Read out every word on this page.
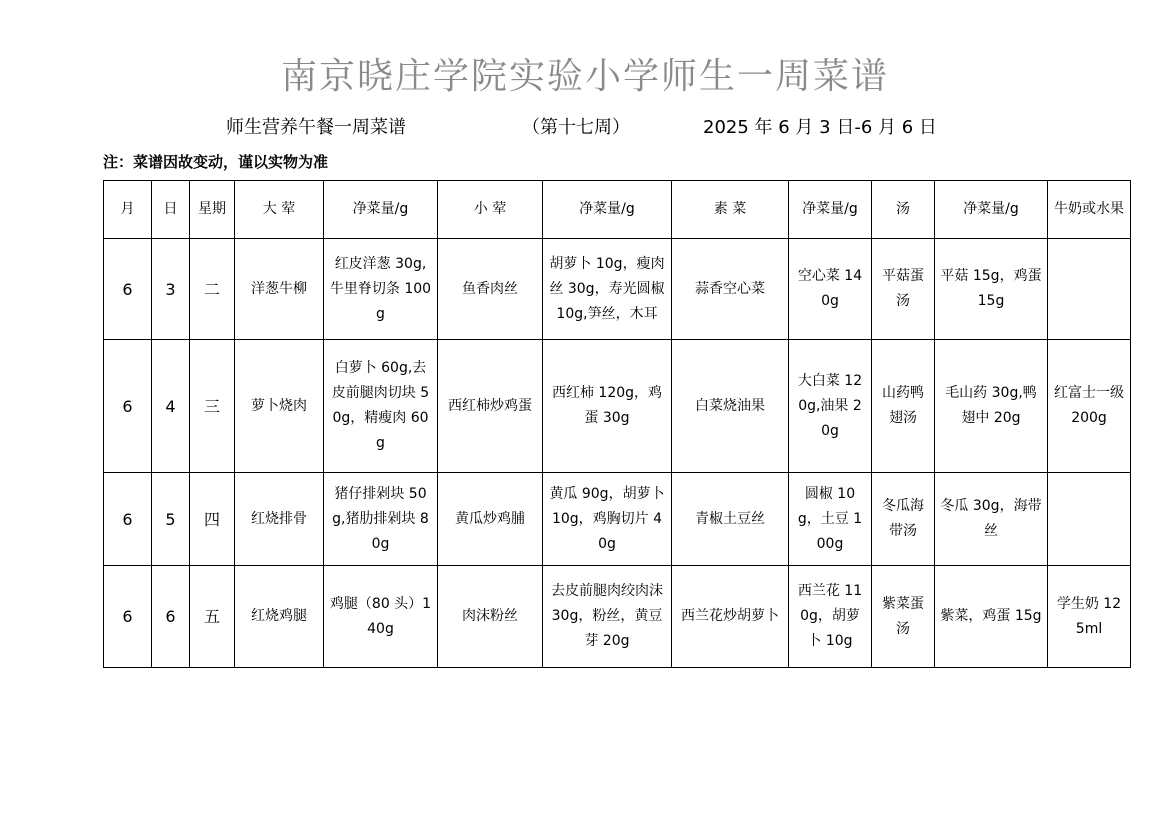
南京晓庄学院实验小学师生一周菜谱
师生营养午餐一周菜谱	（第十七周）	2025 年 6 月 3 日-6 月 6 日
注：菜谱因故变动，谨以实物为准
月	日	星期	大 荤	净菜量/g	小 荤	净菜量/g	素 菜	净菜量/g	汤	净菜量/g	牛奶或水果
6	3	二	洋葱牛柳	红皮洋葱 30g,牛里脊切条 100g	鱼香肉丝	胡萝卜 10g，瘦肉丝 30g，寿光圆椒 10g,笋丝，木耳	蒜香空心菜	空心菜 140g	平菇蛋汤	平菇 15g，鸡蛋 15g	
6	4	三	萝卜烧肉	白萝卜 60g,去皮前腿肉切块 50g，精瘦肉 60g	西红柿炒鸡蛋	西红柿 120g，鸡蛋 30g	白菜烧油果	大白菜 120g,油果 20g	山药鸭翅汤	毛山药 30g,鸭翅中 20g	红富士一级 200g
6	5	四	红烧排骨	猪仔排剁块 50g,猪肋排剁块 80g	黄瓜炒鸡脯	黄瓜 90g，胡萝卜 10g，鸡胸切片 40g	青椒土豆丝	圆椒 10g，土豆 100g	冬瓜海带汤	冬瓜 30g，海带丝	
6	6	五	红烧鸡腿	鸡腿（80 头）140g	肉沫粉丝	去皮前腿肉绞肉沫 30g，粉丝，黄豆芽 20g	西兰花炒胡萝卜	西兰花 110g，胡萝卜 10g	紫菜蛋汤	紫菜，鸡蛋 15g	学生奶 125ml
